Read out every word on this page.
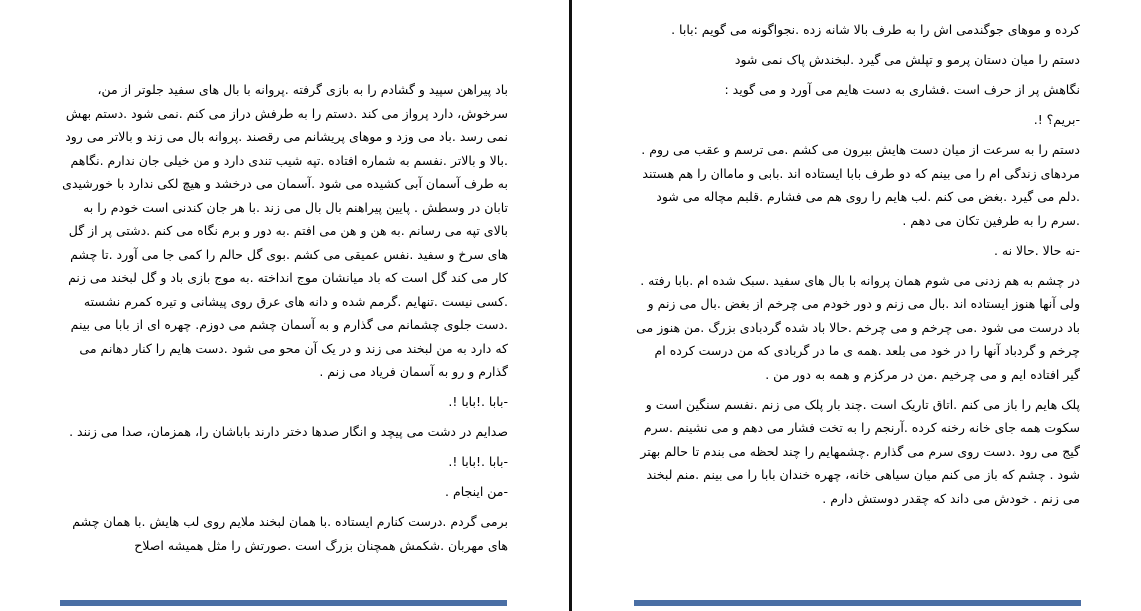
باد پیراهن سپید و گشادم را به بازی گرفته .پروانه با بال های سفید جلوتر از من، سرخوش، دارد پرواز می کند .دستم را به طرفش دراز می کنم .نمی شود .دستم بهش نمی رسد .باد می وزد و موهای پریشانم می رقصند .پروانه بال می زند و بالاتر می رود .بالا و بالاتر .نفسم به شماره افتاده .تپه شیب تندی دارد و من خیلی جان ندارم .نگاهم به طرف آسمان آبی کشیده می شود .آسمان می درخشد و هیچ لکی ندارد با خورشیدی تابان در وسطش . پایین پیراهنم بال بال می زند .با هر جان کندنی است خودم را به بالای تپه می رسانم .به هن و هن می افتم .به دور و برم نگاه می کنم .دشتی پر از گل های سرخ و سفید .نفس عمیقی می کشم .بوی گل حالم را کمی جا می آورد .تا چشم کار می کند گل است که باد میانشان موج انداخته .به موج بازی باد و گل لبخند می زنم .کسی نیست .تنهایم .گرمم شده و دانه های عرق روی پیشانی و تیره کمرم نشسته .دست جلوی چشمانم می گذارم و به آسمان چشم می دوزم. چهره ای از بابا می بینم که دارد به من لبخند می زند و در یک آن محو می شود .دست هایم را کنار دهانم می گذارم و رو به آسمان فریاد می زنم .

-بابا .!بابا !.

صدایم در دشت می پیچد و انگار صدها دختر دارند باباشان را، همزمان، صدا می زنند .

-بابا .!بابا !.

-من اینجام .

برمی گردم .درست کنارم ایستاده .با همان لبخند ملایم روی لب هایش .با همان چشم های مهربان .شکمش همچنان بزرگ است .صورتش را مثل همیشه اصلاح

کرده و موهای جوگندمی اش را به طرف بالا شانه زده .نجواگونه می گویم :بابا .

دستم را میان دستان پرمو و تپلش می گیرد .لبخندش پاک نمی شود

نگاهش پر از حرف است .فشاری به دست هایم می آورد و می گوید :

-بریم؟ !.

دستم را به سرعت از میان دست هایش بیرون می کشم .می ترسم و عقب می روم . مردهای زندگی ام را می بینم که دو طرف بابا ایستاده اند .بابی و ماماان را هم هستند .دلم می گیرد .بغض می کنم .لب هایم را روی هم می فشارم .قلبم مچاله می شود .سرم را به طرفین تکان می دهم .

-نه حالا .حالا نه .

در چشم به هم زدنی می شوم همان پروانه با بال های سفید .سبک شده ام .بابا رفته . ولی آنها هنوز ایستاده اند .بال می زنم و دور خودم می چرخم از بغض .بال می زنم و باد درست می شود .می چرخم و می چرخم .حالا باد شده گردبادی بزرگ .من هنوز می چرخم و گردباد آنها را در خود می بلعد .همه ی ما در گربادی که من درست کرده ام گیر افتاده ایم و می چرخیم .من در مرکزم و همه به دور من .

پلک هایم را باز می کنم .اتاق تاریک است .چند بار پلک می زنم .نفسم سنگین است و سکوت همه جای خانه رخنه کرده .آرنجم را به تخت فشار می دهم و می نشینم .سرم گیج می رود .دست روی سرم می گذارم .چشمهایم را چند لحظه می بندم تا حالم بهتر شود . چشم که باز می کنم میان سیاهی خانه، چهره خندان بابا را می بینم .منم لبخند می زنم . خودش می داند که چقدر دوستش دارم .
